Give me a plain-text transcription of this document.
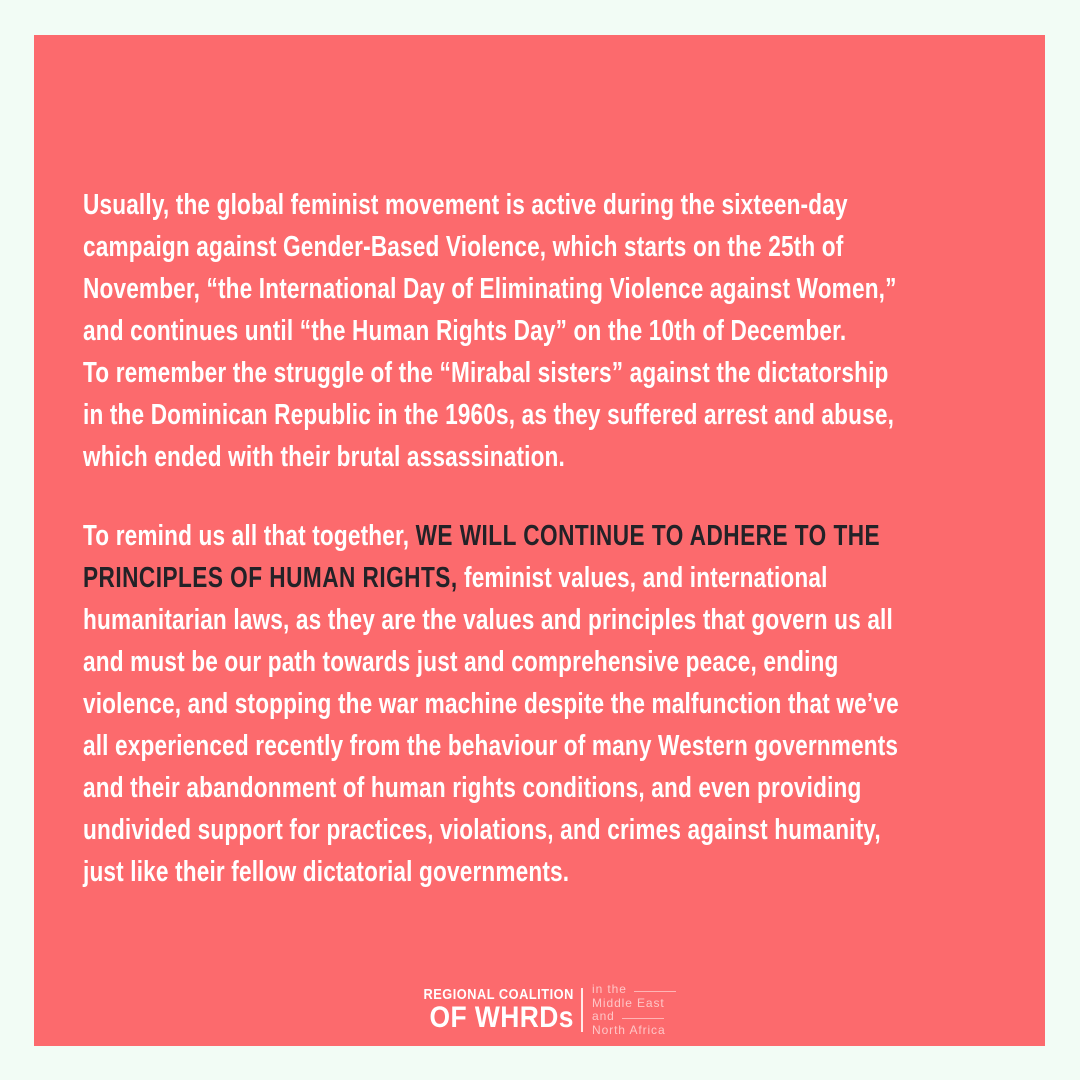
Usually, the global feminist movement is active during the sixteen-day
campaign against Gender-Based Violence, which starts on the 25th of
November, “the International Day of Eliminating Violence against Women,”
and continues until “the Human Rights Day” on the 10th of December.
To remember the struggle of the “Mirabal sisters” against the dictatorship
in the Dominican Republic in the 1960s, as they suffered arrest and abuse,
which ended with their brutal assassination.
To remind us all that together, WE WILL CONTINUE TO ADHERE TO THE
PRINCIPLES OF HUMAN RIGHTS, feminist values, and international
humanitarian laws, as they are the values and principles that govern us all
and must be our path towards just and comprehensive peace, ending
violence, and stopping the war machine despite the malfunction that we’ve
all experienced recently from the behaviour of many Western governments
and their abandonment of human rights conditions, and even providing
undivided support for practices, violations, and crimes against humanity,
just like their fellow dictatorial governments.
REGIONAL COALITION
OF WHRDs
in the
Middle East
and
North Africa
